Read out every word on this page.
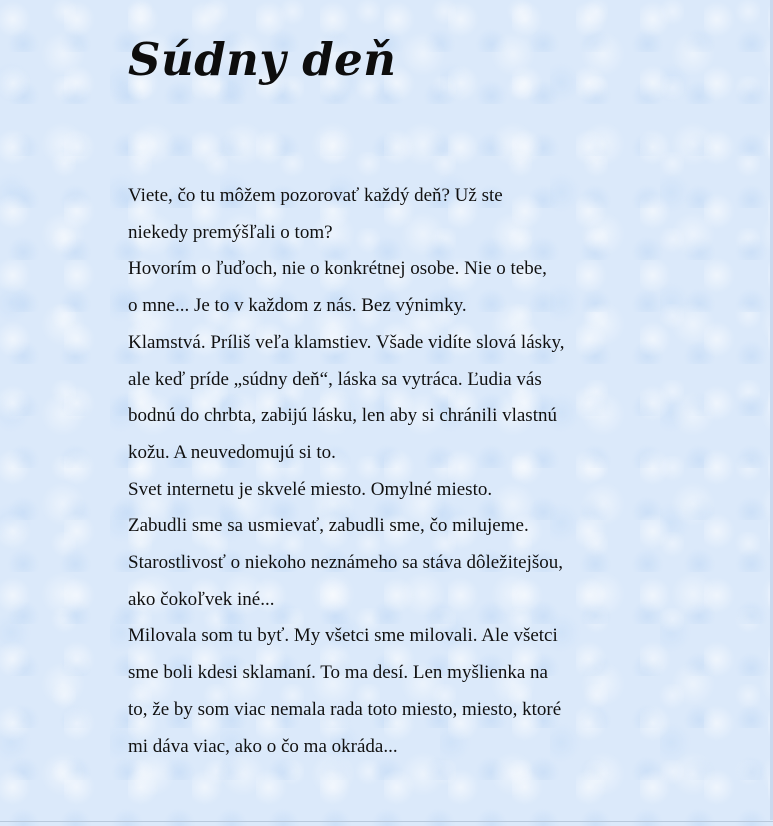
Súdny deň
Viete, čo tu môžem pozorovať každý deň? Už ste
niekedy premýšľali o tom?
Hovorím o ľuďoch, nie o konkrétnej osobe. Nie o tebe,
o mne... Je to v každom z nás. Bez výnimky.
Klamstvá. Príliš veľa klamstiev. Všade vidíte slová lásky,
ale keď príde „súdny deň“, láska sa vytráca. Ľudia vás
bodnú do chrbta, zabijú lásku, len aby si chránili vlastnú
kožu. A neuvedomujú si to.
Svet internetu je skvelé miesto. Omylné miesto.
Zabudli sme sa usmievať, zabudli sme, čo milujeme.
Starostlivosť o niekoho neznámeho sa stáva dôležitejšou,
ako čokoľvek iné...
Milovala som tu byť. My všetci sme milovali. Ale všetci
sme boli kdesi sklamaní. To ma desí. Len myšlienka na
to, že by som viac nemala rada toto miesto, miesto, ktoré
mi dáva viac, ako o čo ma okráda...
